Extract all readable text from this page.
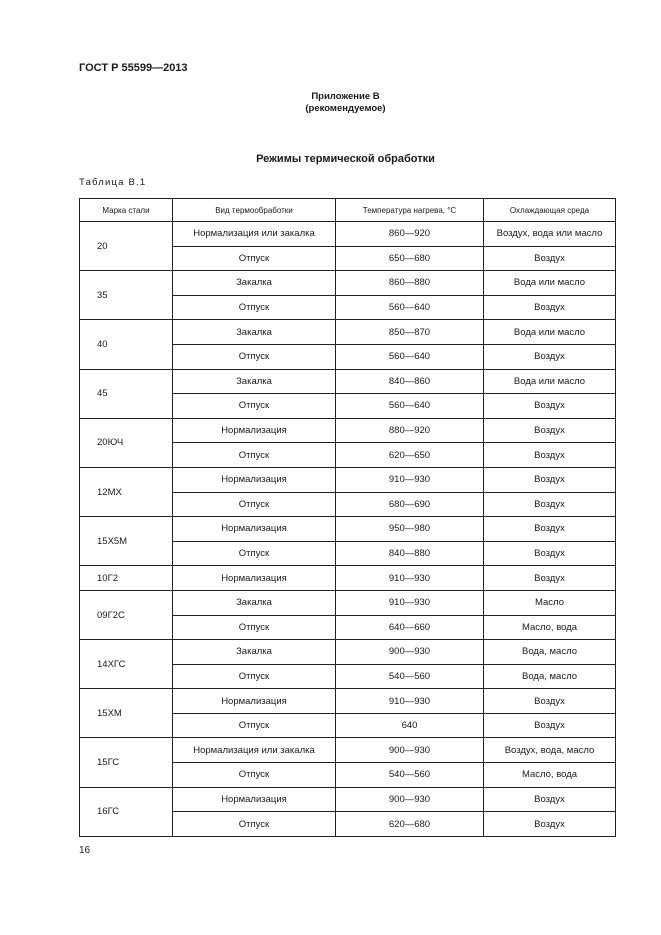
ГОСТ Р 55599—2013
Приложение В
(рекомендуемое)
Режимы термической обработки
Таблица В.1
Марка стали	Вид термообработки	Температура нагрева, °С	Охлаждающая среда
20	Нормализация или закалка	860—920	Воздух, вода или масло
	Отпуск	650—680	Воздух
35	Закалка	860—880	Вода или масло
	Отпуск	560—640	Воздух
40	Закалка	850—870	Вода или масло
	Отпуск	560—640	Воздух
45	Закалка	840—860	Вода или масло
	Отпуск	560—640	Воздух
20ЮЧ	Нормализация	880—920	Воздух
	Отпуск	620—650	Воздух
12МХ	Нормализация	910—930	Воздух
	Отпуск	680—690	Воздух
15Х5М	Нормализация	950—980	Воздух
	Отпуск	840—880	Воздух
10Г2	Нормализация	910—930	Воздух
09Г2С	Закалка	910—930	Масло
	Отпуск	640—660	Масло, вода
14ХГС	Закалка	900—930	Вода, масло
	Отпуск	540—560	Вода, масло
15ХМ	Нормализация	910—930	Воздух
	Отпуск	640	Воздух
15ГС	Нормализация или закалка	900—930	Воздух, вода, масло
	Отпуск	540—560	Масло, вода
16ГС	Нормализация	900—930	Воздух
	Отпуск	620—680	Воздух
16
